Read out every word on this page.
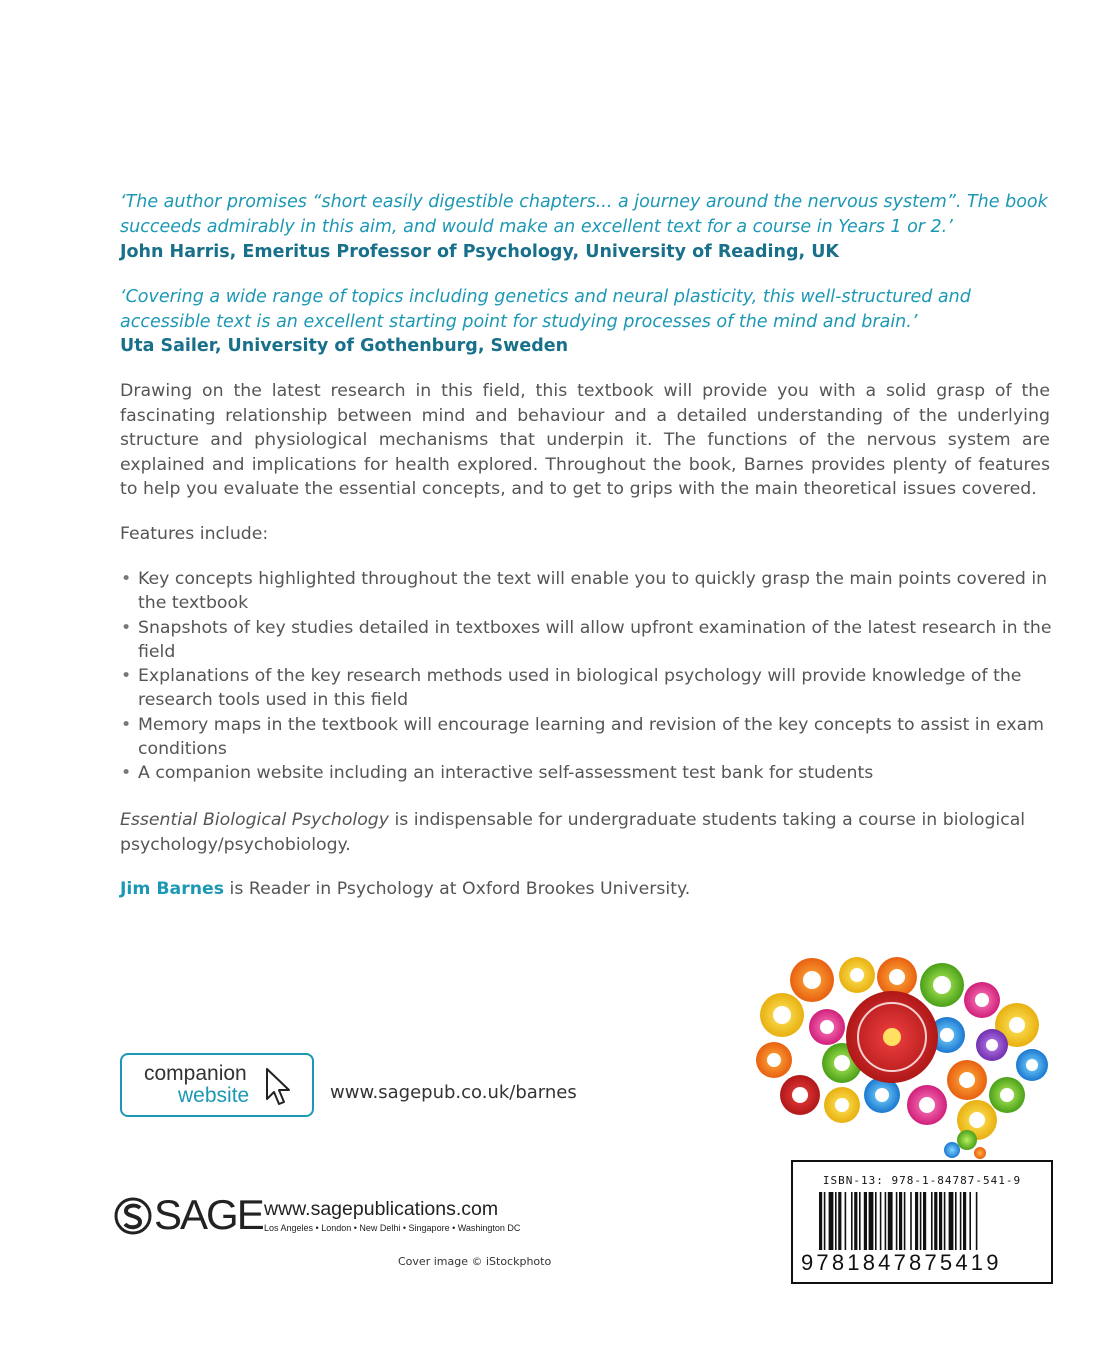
‘The author promises “short easily digestible chapters... a journey around the nervous system”. The book succeeds admirably in this aim, and would make an excellent text for a course in Years 1 or 2.’
John Harris, Emeritus Professor of Psychology, University of Reading, UK
‘Covering a wide range of topics including genetics and neural plasticity, this well-structured and accessible text is an excellent starting point for studying processes of the mind and brain.’
Uta Sailer, University of Gothenburg, Sweden
Drawing on the latest research in this field, this textbook will provide you with a solid grasp of the fascinating relationship between mind and behaviour and a detailed understanding of the underlying structure and physiological mechanisms that underpin it. The functions of the nervous system are explained and implications for health explored. Throughout the book, Barnes provides plenty of features to help you evaluate the essential concepts, and to get to grips with the main theoretical issues covered.
Features include:
• Key concepts highlighted throughout the text will enable you to quickly grasp the main points covered in the textbook
• Snapshots of key studies detailed in textboxes will allow upfront examination of the latest research in the field
• Explanations of the key research methods used in biological psychology will provide knowledge of the research tools used in this field
• Memory maps in the textbook will encourage learning and revision of the key concepts to assist in exam conditions
• A companion website including an interactive self-assessment test bank for students
Essential Biological Psychology is indispensable for undergraduate students taking a course in biological psychology/psychobiology.
Jim Barnes is Reader in Psychology at Oxford Brookes University.
companion
website	www.sagepub.co.uk/barnes
SAGE www.sagepublications.com
Los Angeles • London • New Delhi • Singapore • Washington DC
Cover image © iStockphoto
ISBN-13: 978-1-84787-541-9
9781847875419
